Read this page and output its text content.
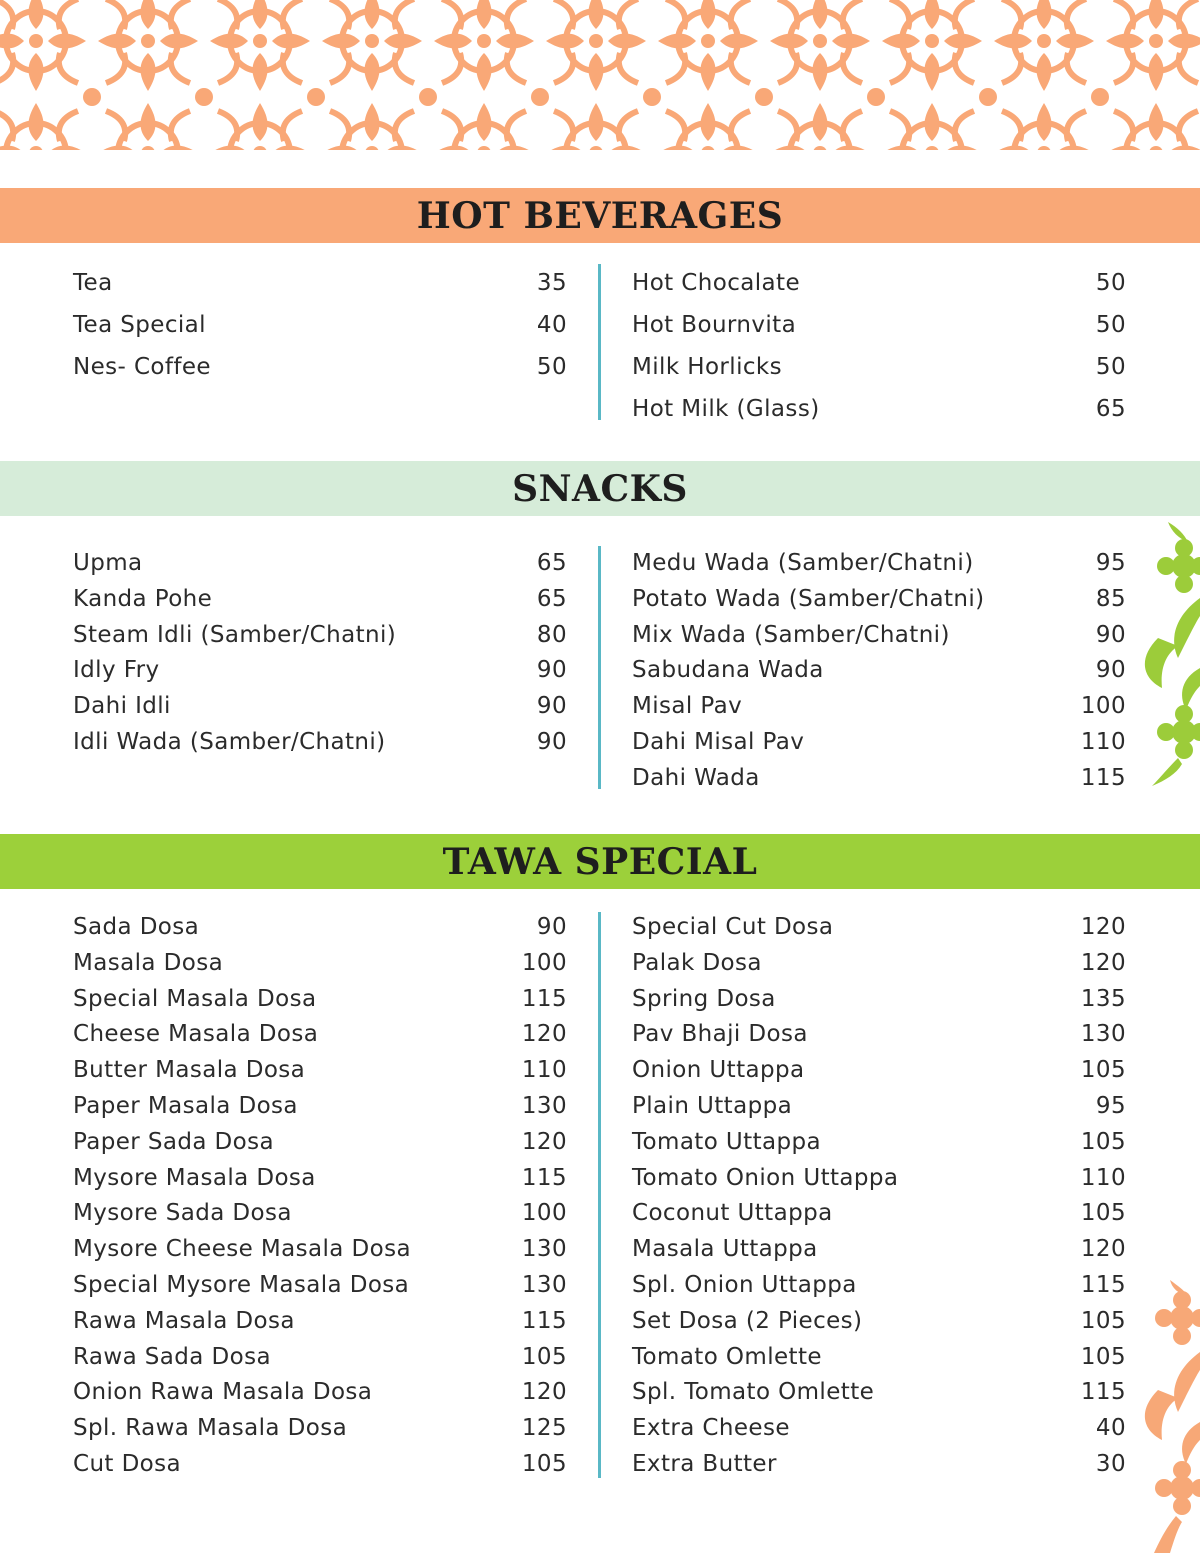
HOT BEVERAGES
Tea	35
Tea Special	40
Nes- Coffee	50
Hot Chocalate	50
Hot Bournvita	50
Milk Horlicks	50
Hot Milk (Glass)	65
SNACKS
Upma	65
Kanda Pohe	65
Steam Idli (Samber/Chatni)	80
Idly Fry	90
Dahi Idli	90
Idli Wada (Samber/Chatni)	90
Medu Wada (Samber/Chatni)	95
Potato Wada (Samber/Chatni)	85
Mix Wada (Samber/Chatni)	90
Sabudana Wada	90
Misal Pav	100
Dahi Misal Pav	110
Dahi Wada	115
TAWA SPECIAL
Sada Dosa	90
Masala Dosa	100
Special Masala Dosa	115
Cheese Masala Dosa	120
Butter Masala Dosa	110
Paper Masala Dosa	130
Paper Sada Dosa	120
Mysore Masala Dosa	115
Mysore Sada Dosa	100
Mysore Cheese Masala Dosa	130
Special Mysore Masala Dosa	130
Rawa Masala Dosa	115
Rawa Sada Dosa	105
Onion Rawa Masala Dosa	120
Spl. Rawa Masala Dosa	125
Cut Dosa	105
Special Cut Dosa	120
Palak Dosa	120
Spring Dosa	135
Pav Bhaji Dosa	130
Onion Uttappa	105
Plain Uttappa	95
Tomato Uttappa	105
Tomato Onion Uttappa	110
Coconut Uttappa	105
Masala Uttappa	120
Spl. Onion Uttappa	115
Set Dosa (2 Pieces)	105
Tomato Omlette	105
Spl. Tomato Omlette	115
Extra Cheese	40
Extra Butter	30
